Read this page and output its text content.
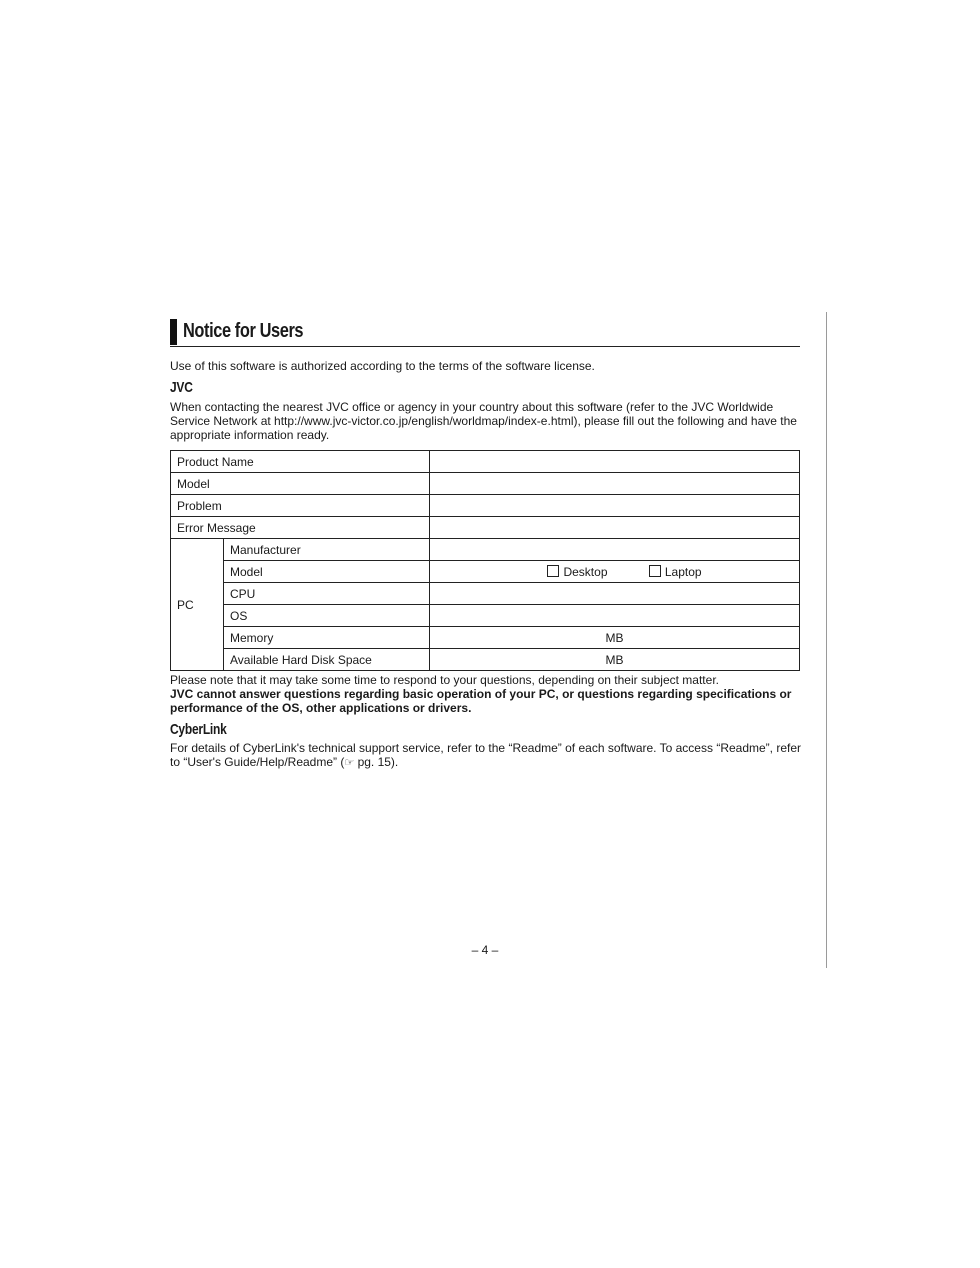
Notice for Users

Use of this software is authorized according to the terms of the software license.

JVC

When contacting the nearest JVC office or agency in your country about this software (refer to the JVC Worldwide Service Network at http://www.jvc-victor.co.jp/english/worldmap/index-e.html), please fill out the following and have the appropriate information ready.

Product Name		
Model		
Problem		
Error Message		
PC	Manufacturer	
	Model	Desktop Laptop
	CPU	
	OS	
	Memory	MB
	Available Hard Disk Space	MB

Please note that it may take some time to respond to your questions, depending on their subject matter.

JVC cannot answer questions regarding basic operation of your PC, or questions regarding specifications or performance of the OS, other applications or drivers.

CyberLink

For details of CyberLink's technical support service, refer to the “Readme” of each software. To access “Readme”, refer to “User's Guide/Help/Readme” (☞ pg. 15).

– 4 –
